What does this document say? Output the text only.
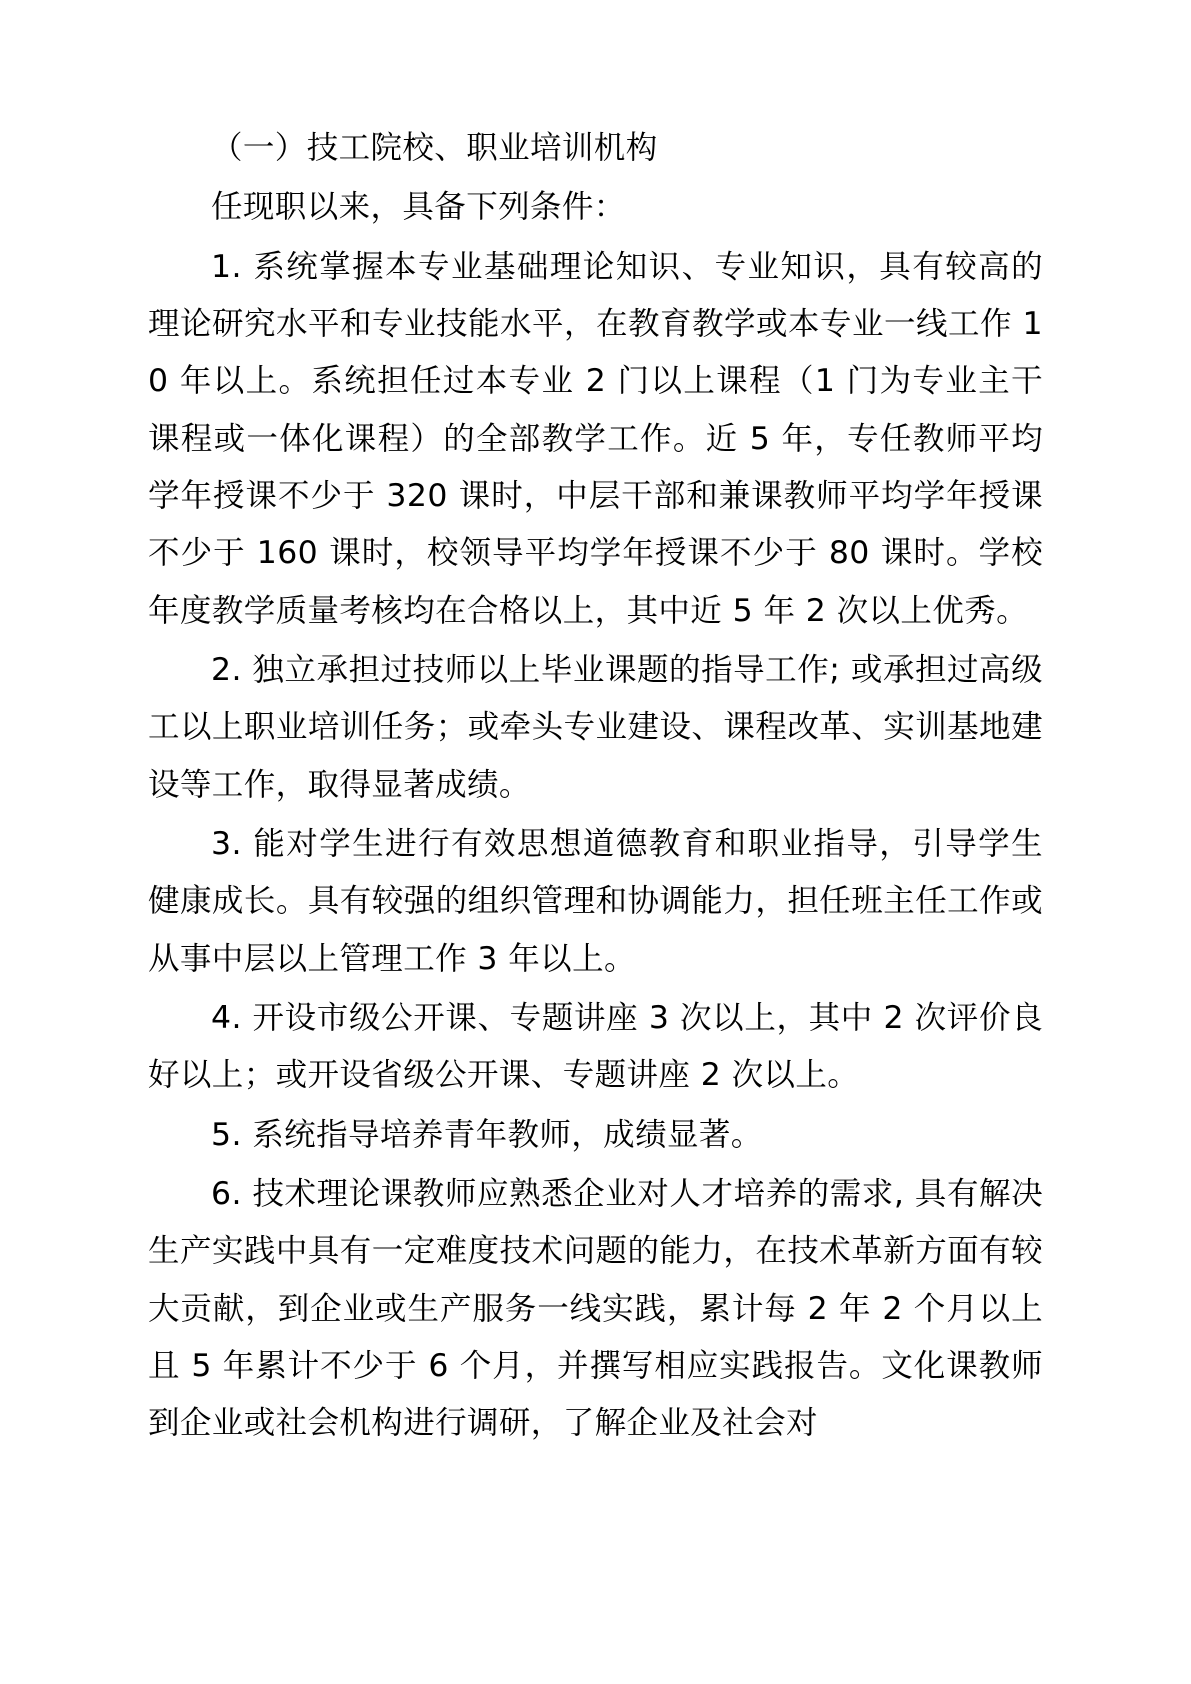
（一）技工院校、职业培训机构

任现职以来，具备下列条件：

1. 系统掌握本专业基础理论知识、专业知识，具有较高的理论研究水平和专业技能水平，在教育教学或本专业一线工作 10 年以上。系统担任过本专业 2 门以上课程（1 门为专业主干课程或一体化课程）的全部教学工作。近 5 年，专任教师平均学年授课不少于 320 课时，中层干部和兼课教师平均学年授课不少于 160 课时，校领导平均学年授课不少于 80 课时。学校年度教学质量考核均在合格以上，其中近 5 年 2 次以上优秀。

2. 独立承担过技师以上毕业课题的指导工作; 或承担过高级工以上职业培训任务；或牵头专业建设、课程改革、实训基地建设等工作，取得显著成绩。

3. 能对学生进行有效思想道德教育和职业指导，引导学生健康成长。具有较强的组织管理和协调能力，担任班主任工作或从事中层以上管理工作 3 年以上。

4. 开设市级公开课、专题讲座 3 次以上，其中 2 次评价良好以上；或开设省级公开课、专题讲座 2 次以上。

5. 系统指导培养青年教师，成绩显著。

6. 技术理论课教师应熟悉企业对人才培养的需求, 具有解决生产实践中具有一定难度技术问题的能力，在技术革新方面有较大贡献，到企业或生产服务一线实践，累计每 2 年 2 个月以上且 5 年累计不少于 6 个月，并撰写相应实践报告。文化课教师到企业或社会机构进行调研，了解企业及社会对
